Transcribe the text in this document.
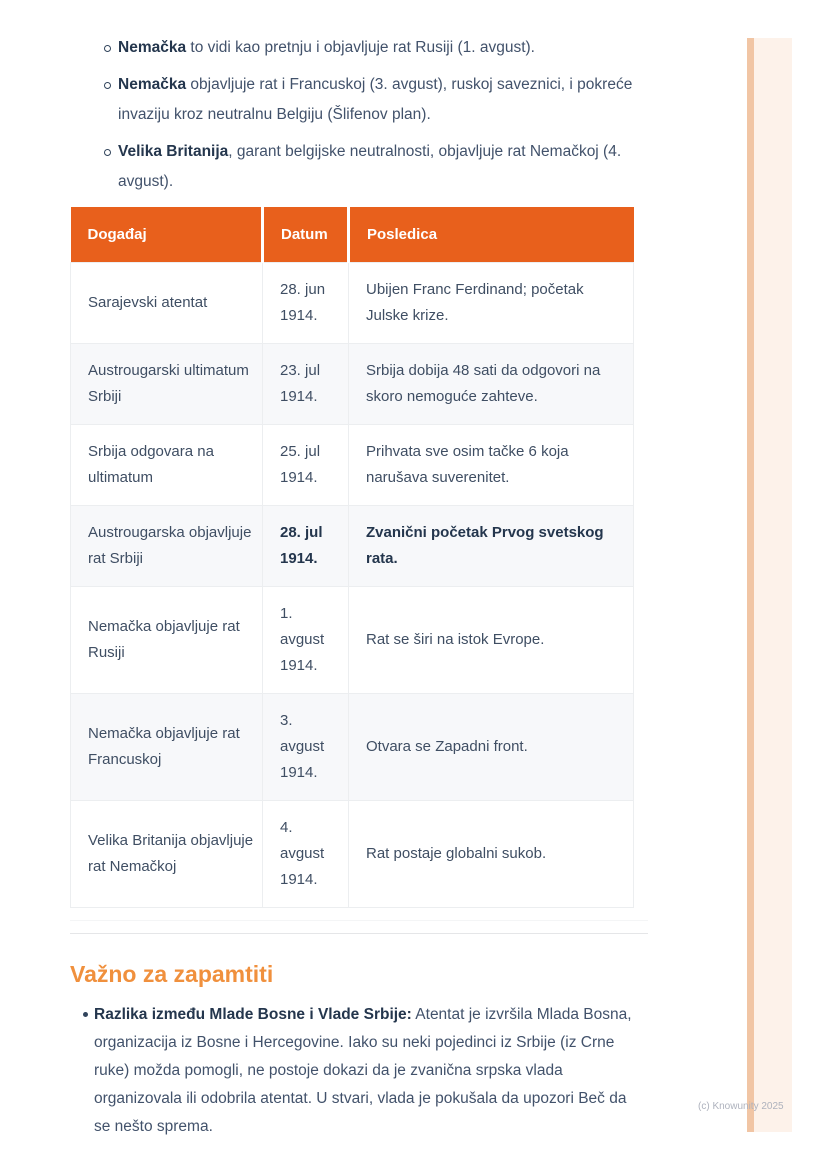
(c) Knowunity 2025
Nemačka to vidi kao pretnju i objavljuje rat Rusiji (1. avgust).
Nemačka objavljuje rat i Francuskoj (3. avgust), ruskoj saveznici, i pokreće invaziju kroz neutralnu Belgiju (Šlifenov plan).
Velika Britanija, garant belgijske neutralnosti, objavljuje rat Nemačkoj (4. avgust).
Događaj	Datum	Posledica
Sarajevski atentat	28. jun 1914.	Ubijen Franc Ferdinand; početak Julske krize.
Austrougarski ultimatum Srbiji	23. jul 1914.	Srbija dobija 48 sati da odgovori na skoro nemoguće zahteve.
Srbija odgovara na ultimatum	25. jul 1914.	Prihvata sve osim tačke 6 koja narušava suverenitet.
Austrougarska objavljuje rat Srbiji	28. jul 1914.	Zvanični početak Prvog svetskog rata.
Nemačka objavljuje rat Rusiji	1. avgust 1914.	Rat se širi na istok Evrope.
Nemačka objavljuje rat Francuskoj	3. avgust 1914.	Otvara se Zapadni front.
Velika Britanija objavljuje rat Nemačkoj	4. avgust 1914.	Rat postaje globalni sukob.
Važno za zapamtiti
Razlika između Mlade Bosne i Vlade Srbije: Atentat je izvršila Mlada Bosna, organizacija iz Bosne i Hercegovine. Iako su neki pojedinci iz Srbije (iz Crne ruke) možda pomogli, ne postoje dokazi da je zvanična srpska vlada organizovala ili odobrila atentat. U stvari, vlada je pokušala da upozori Beč da se nešto sprema.
